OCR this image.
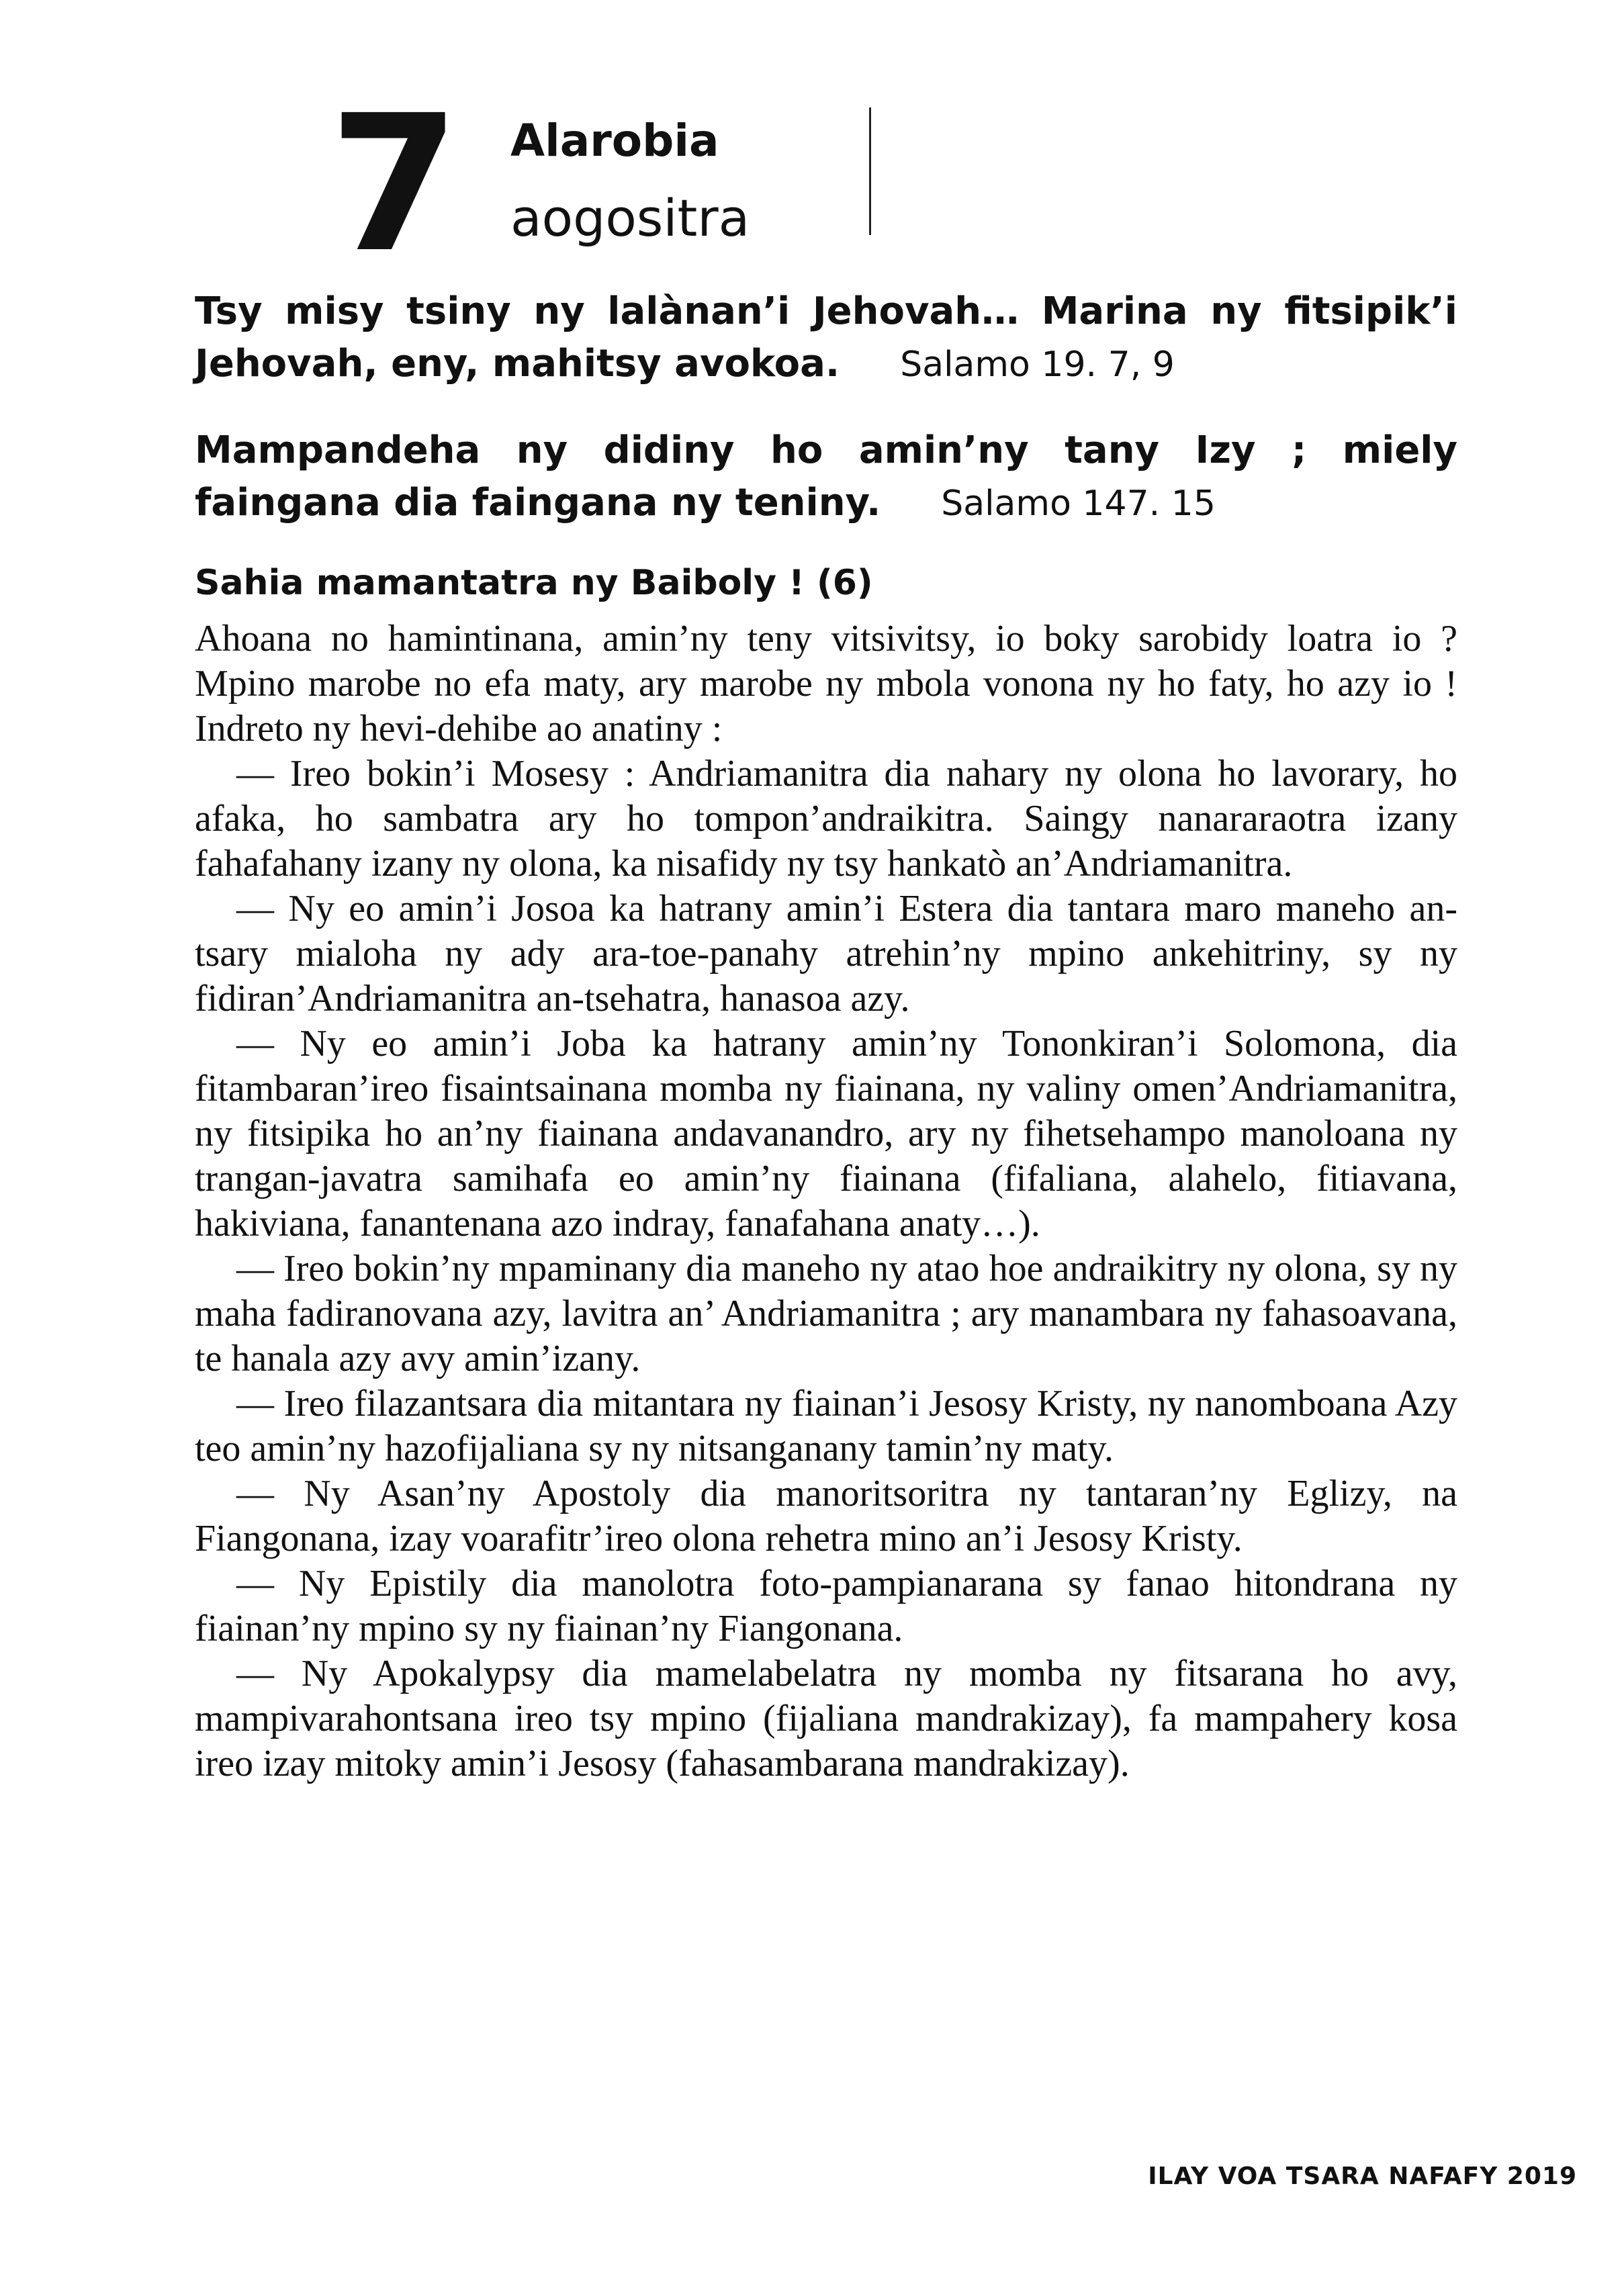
7 Alarobia
aogositra

Tsy misy tsiny ny lalànan’i Jehovah… Marina ny fitsipik’i Jehovah, eny, mahitsy avokoa. Salamo 19. 7, 9

Mampandeha ny didiny ho amin’ny tany Izy ; miely faingana dia faingana ny teniny. Salamo 147. 15

Sahia mamantatra ny Baiboly ! (6)

Ahoana no hamintinana, amin’ny teny vitsivitsy, io boky sarobidy loatra io ? Mpino marobe no efa maty, ary marobe ny mbola vonona ny ho faty, ho azy io ! Indreto ny hevi-dehibe ao anatiny :

— Ireo bokin’i Mosesy : Andriamanitra dia nahary ny olona ho lavorary, ho afaka, ho sambatra ary ho tompon’andraikitra. Saingy nanararaotra izany fahafahany izany ny olona, ka nisafidy ny tsy hankatò an’Andriamanitra.

— Ny eo amin’i Josoa ka hatrany amin’i Estera dia tantara maro maneho an-tsary mialoha ny ady ara-toe-panahy atrehin’ny mpino ankehitriny, sy ny fidiran’Andriamanitra an-tsehatra, hanasoa azy.

— Ny eo amin’i Joba ka hatrany amin’ny Tononkiran’i Solomona, dia fitambaran’ireo fisaintsainana momba ny fiainana, ny valiny omen’Andriamanitra, ny fitsipika ho an’ny fiainana andavanandro, ary ny fihetsehampo manoloana ny trangan-javatra samihafa eo amin’ny fiainana (fifaliana, alahelo, fitiavana, hakiviana, fanantenana azo indray, fanafahana anaty…).

— Ireo bokin’ny mpaminany dia maneho ny atao hoe andraikitry ny olona, sy ny maha fadiranovana azy, lavitra an’ Andriamanitra ; ary manambara ny fahasoavana, te hanala azy avy amin’izany.

— Ireo filazantsara dia mitantara ny fiainan’i Jesosy Kristy, ny nanomboana Azy teo amin’ny hazofijaliana sy ny nitsanganany tamin’ny maty.

— Ny Asan’ny Apostoly dia manoritsoritra ny tantaran’ny Eglizy, na Fiangonana, izay voarafitr’ireo olona rehetra mino an’i Jesosy Kristy.

— Ny Epistily dia manolotra foto-pampianarana sy fanao hitondrana ny fiainan’ny mpino sy ny fiainan’ny Fiangonana.

— Ny Apokalypsy dia mamelabelatra ny momba ny fitsarana ho avy, mampivarahontsana ireo tsy mpino (fijaliana mandrakizay), fa mampahery kosa ireo izay mitoky amin’i Jesosy (fahasambarana mandrakizay).

ILAY VOA TSARA NAFAFY 2019
